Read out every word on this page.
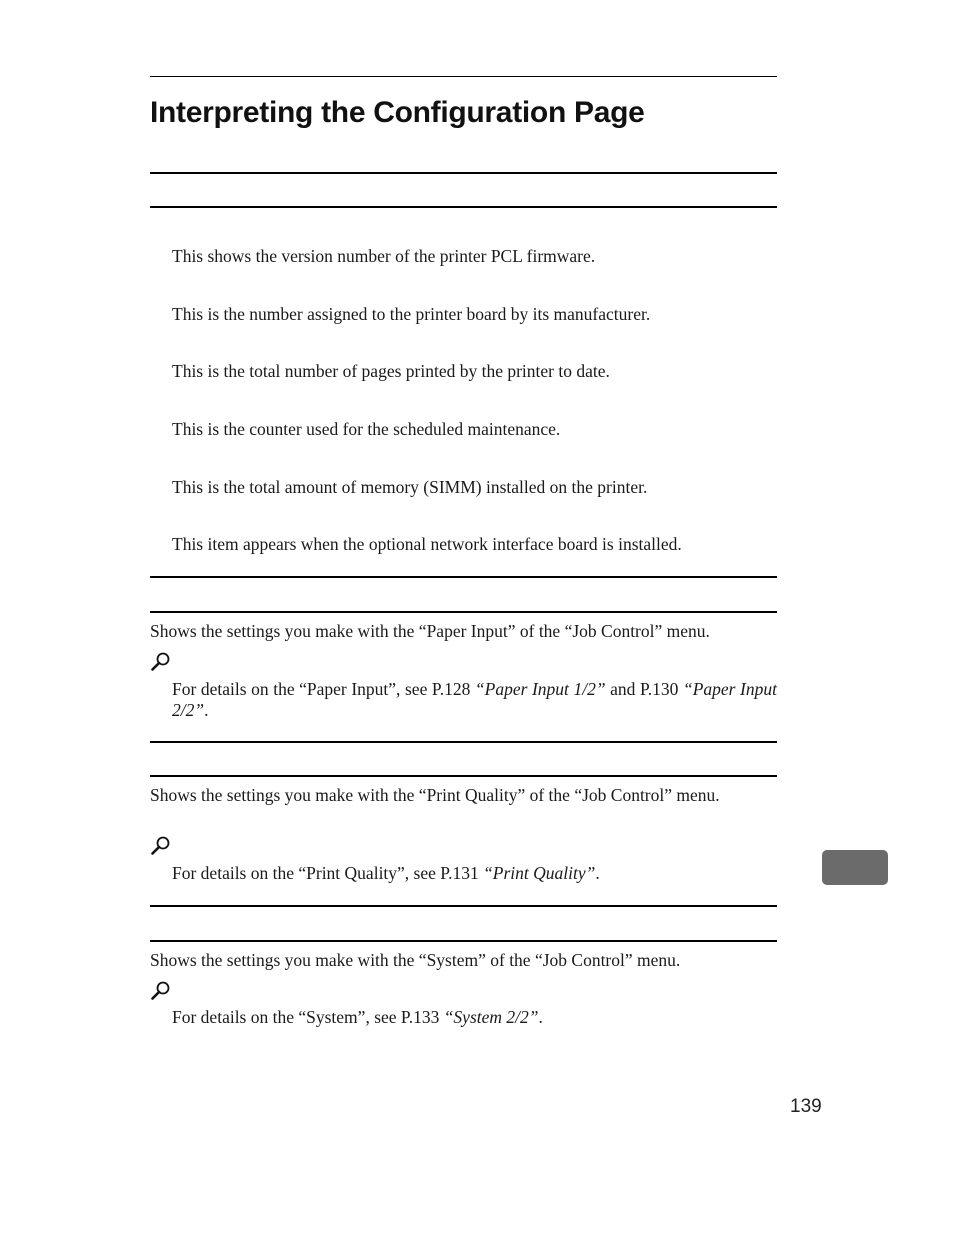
Interpreting the Configuration Page
This shows the version number of the printer PCL firmware.
This is the number assigned to the printer board by its manufacturer.
This is the total number of pages printed by the printer to date.
This is the counter used for the scheduled maintenance.
This is the total amount of memory (SIMM) installed on the printer.
This item appears when the optional network interface board is installed.
Shows the settings you make with the “Paper Input” of the “Job Control” menu.
For details on the “Paper Input”, see P.128 “Paper Input 1/2” and P.130 “Paper Input 2/2”.
Shows the settings you make with the “Print Quality” of the “Job Control” menu.
For details on the “Print Quality”, see P.131 “Print Quality”.
Shows the settings you make with the “System” of the “Job Control” menu.
For details on the “System”, see P.133 “System 2/2”.
139
